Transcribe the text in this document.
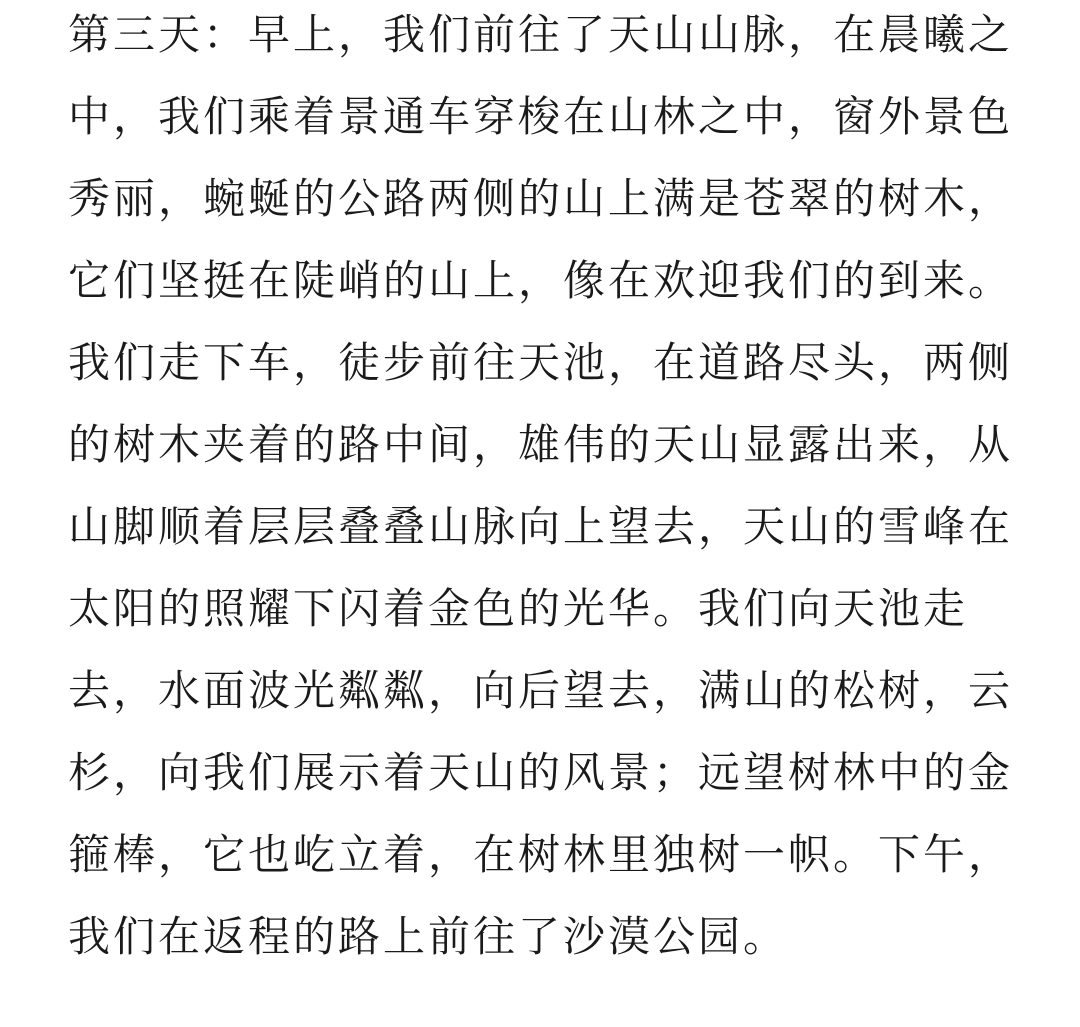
第三天：早上，我们前往了天山山脉，在晨曦之

中，我们乘着景通车穿梭在山林之中，窗外景色

秀丽，蜿蜒的公路两侧的山上满是苍翠的树木，

它们坚挺在陡峭的山上，像在欢迎我们的到来。

我们走下车，徒步前往天池，在道路尽头，两侧

的树木夹着的路中间，雄伟的天山显露出来，从

山脚顺着层层叠叠山脉向上望去，天山的雪峰在

太阳的照耀下闪着金色的光华。我们向天池走

去，水面波光粼粼，向后望去，满山的松树，云

杉，向我们展示着天山的风景；远望树林中的金

箍棒，它也屹立着，在树林里独树一帜。下午，

我们在返程的路上前往了沙漠公园。
